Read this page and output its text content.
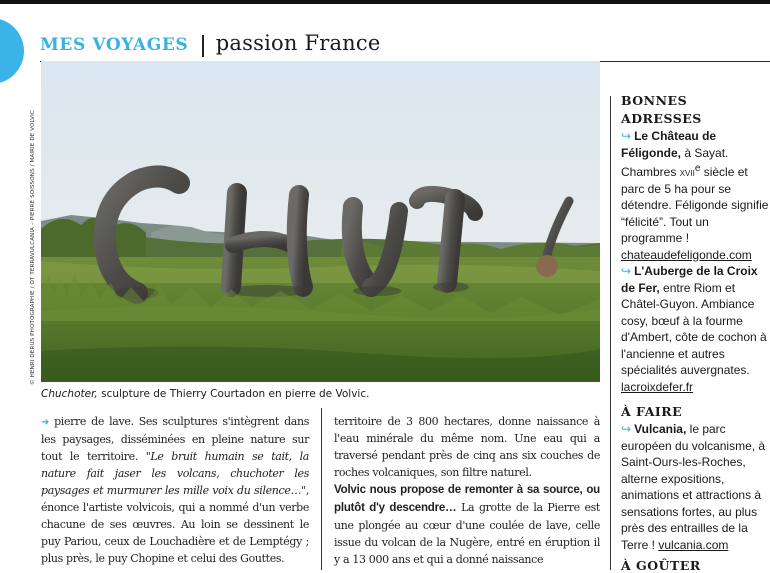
MES VOYAGES passion France
© HENRI DERUS PHOTOGRAPHIE / OT TERRAVULCANIA – PIERRE SOISSONS / MAIRIE DE VOLVIC
Chuchoter, sculpture de Thierry Courtadon en pierre de Volvic.
➜ pierre de lave. Ses sculptures s'intègrent dans les paysages, disséminées en pleine nature sur tout le territoire. "Le bruit humain se tait, la nature fait jaser les volcans, chuchoter les paysages et murmurer les mille voix du silence…", énonce l'artiste volvicois, qui a nommé d'un verbe chacune de ses œuvres. Au loin se dessinent le puy Pariou, ceux de Louchadière et de Lemptégy ; plus près, le puy Chopine et celui des Gouttes.
territoire de 3 800 hectares, donne naissance à l'eau minérale du même nom. Une eau qui a traversé pendant près de cinq ans six couches de roches volcaniques, son filtre naturel.
Volvic nous propose de remonter à sa source, ou plutôt d'y descendre… La grotte de la Pierre est une plongée au cœur d'une coulée de lave, celle issue du volcan de la Nugère, entré en éruption il y a 13 000 ans et qui a donné naissance

BONNES ADRESSES

↪ Le Château de Féligonde, à Sayat. Chambres xvii$^e$ siècle et parc de 5 ha pour se détendre. Féligonde signifie “félicité”. Tout un programme !
chateaudefeligonde.com

↪ L'Auberge de la Croix de Fer, entre Riom et Châtel-Guyon. Ambiance cosy, bœuf à la fourme d'Ambert, côte de cochon à l'ancienne et autres spécialités auvergnates.
lacroixdefer.fr

À FAIRE

↪ Vulcania, le parc européen du volcanisme, à Saint-Ours-les-Roches, alterne expositions, animations et attractions à sensations fortes, au plus près des entrailles de la Terre ! vulcania.com

À GOÛTER
